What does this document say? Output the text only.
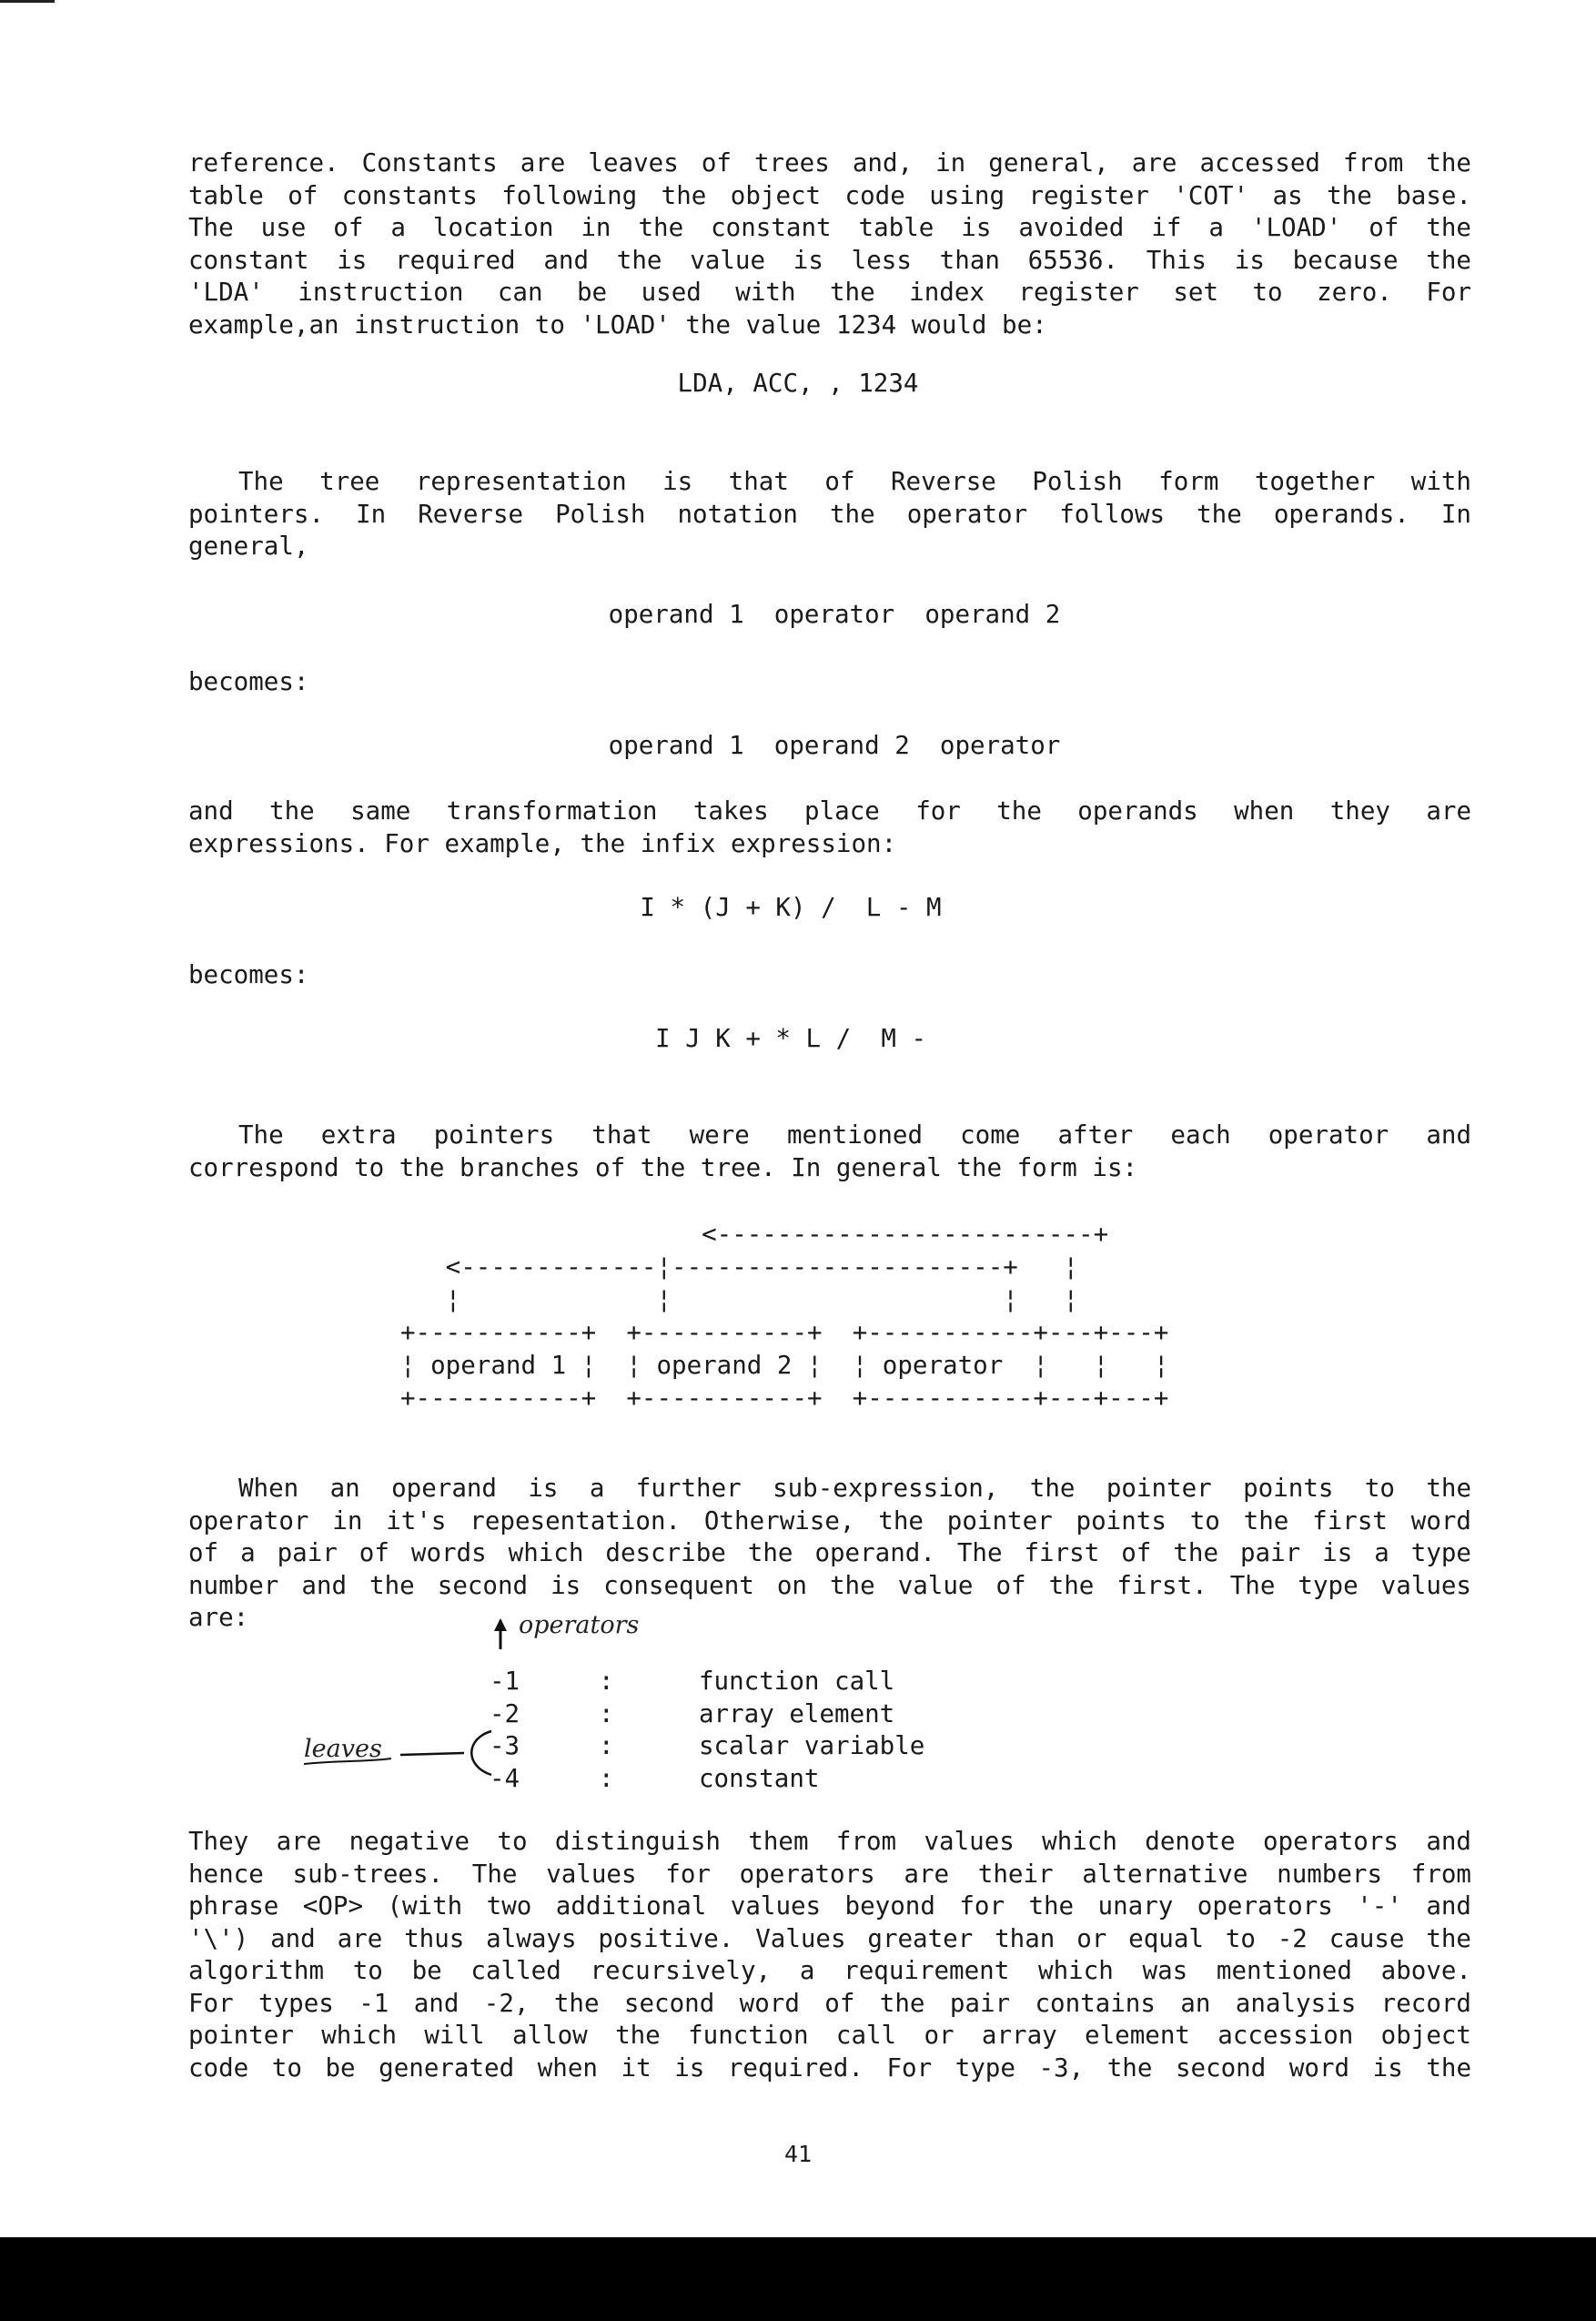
reference. Constants are leaves of trees and, in general, are accessed from the
table of constants following the object code using register 'COT' as the base.
The use of a location in the constant table is avoided if a 'LOAD' of the
constant is required and the value is less than 65536. This is because the
'LDA' instruction can be used with the index register set to zero. For
example,an instruction to 'LOAD' the value 1234 would be:
LDA, ACC, , 1234
The tree representation is that of Reverse Polish form together with
pointers. In Reverse Polish notation the operator follows the operands. In
general,
operand 1  operator  operand 2
becomes:
operand 1  operand 2  operator
and the same transformation takes place for the operands when they are
expressions. For example, the infix expression:
I * (J + K) /  L - M
becomes:
I J K + * L /  M -
The extra pointers that were mentioned come after each operator and
correspond to the branches of the tree. In general the form is:
<-------------------------+
<-------------¦----------------------+   ¦
¦             ¦                      ¦   ¦
+-----------+  +-----------+  +-----------+---+---+
¦ operand 1 ¦  ¦ operand 2 ¦  ¦ operator  ¦   ¦   ¦
+-----------+  +-----------+  +-----------+---+---+
When an operand is a further sub-expression, the pointer points to the
operator in it's repesentation. Otherwise, the pointer points to the first word
of a pair of words which describe the operand. The first of the pair is a type
number and the second is consequent on the value of the first. The type values
are:	operators
leaves
-1	:	function call
-2	:	array element
-3	:	scalar variable
-4	:	constant
They are negative to distinguish them from values which denote operators and
hence sub-trees. The values for operators are their alternative numbers from
phrase <OP> (with two additional values beyond for the unary operators '-' and
'\') and are thus always positive. Values greater than or equal to -2 cause the
algorithm to be called recursively, a requirement which was mentioned above.
For types -1 and -2, the second word of the pair contains an analysis record
pointer which will allow the function call or array element accession object
code to be generated when it is required. For type -3, the second word is the
41
